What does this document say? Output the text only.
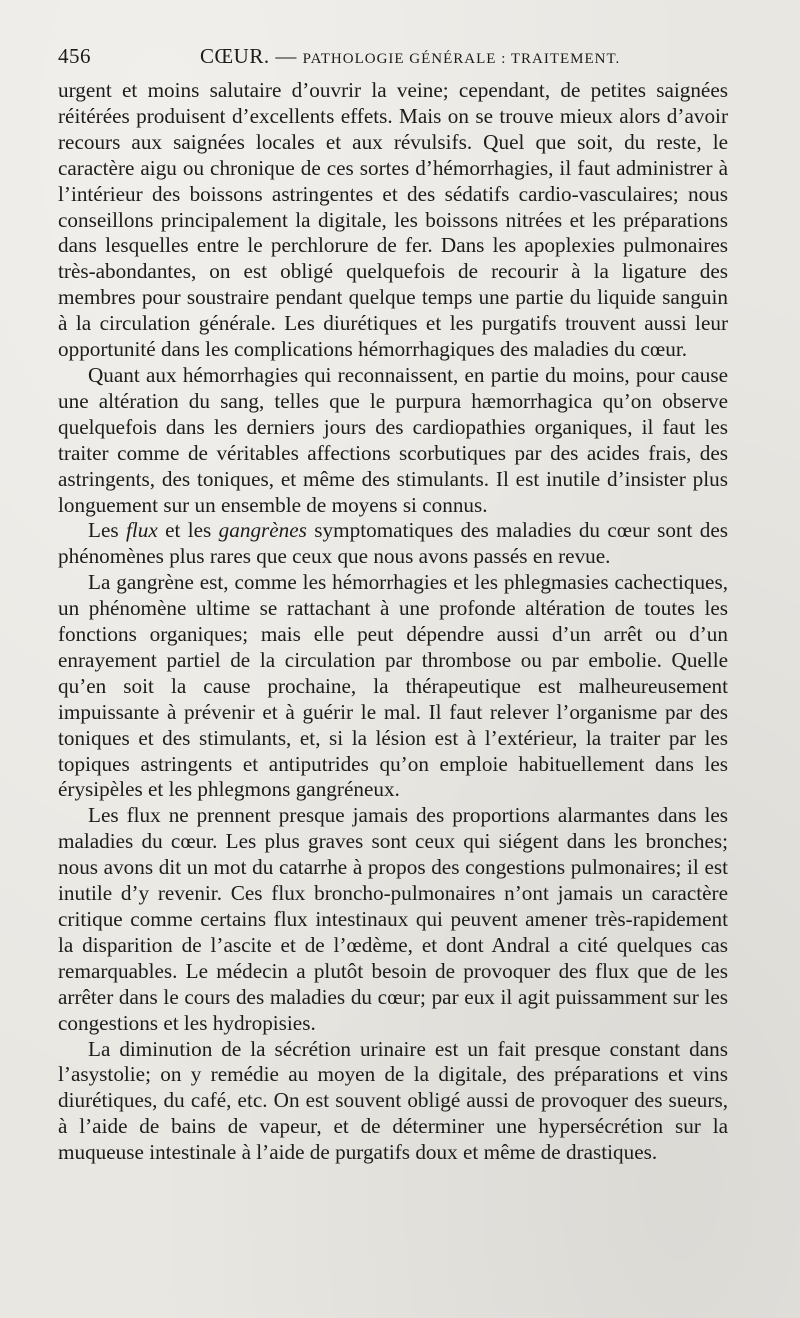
456	CŒUR. — PATHOLOGIE GÉNÉRALE : TRAITEMENT.

urgent et moins salutaire d’ouvrir la veine; cependant, de petites saignées réitérées produisent d’excellents effets. Mais on se trouve mieux alors d’avoir recours aux saignées locales et aux révulsifs. Quel que soit, du reste, le caractère aigu ou chronique de ces sortes d’hémorrhagies, il faut administrer à l’intérieur des boissons astringentes et des sédatifs cardio-vasculaires; nous conseillons principalement la digitale, les boissons nitrées et les préparations dans lesquelles entre le perchlorure de fer. Dans les apoplexies pulmonaires très-abondantes, on est obligé quelquefois de recourir à la ligature des membres pour soustraire pendant quelque temps une partie du liquide sanguin à la circulation générale. Les diurétiques et les purgatifs trouvent aussi leur opportunité dans les complications hémorrhagiques des maladies du cœur.

Quant aux hémorrhagies qui reconnaissent, en partie du moins, pour cause une altération du sang, telles que le purpura hæmorrhagica qu’on observe quelquefois dans les derniers jours des cardiopathies organiques, il faut les traiter comme de véritables affections scorbutiques par des acides frais, des astringents, des toniques, et même des stimulants. Il est inutile d’insister plus longuement sur un ensemble de moyens si connus.

Les flux et les gangrènes symptomatiques des maladies du cœur sont des phénomènes plus rares que ceux que nous avons passés en revue.

La gangrène est, comme les hémorrhagies et les phlegmasies cachectiques, un phénomène ultime se rattachant à une profonde altération de toutes les fonctions organiques; mais elle peut dépendre aussi d’un arrêt ou d’un enrayement partiel de la circulation par thrombose ou par embolie. Quelle qu’en soit la cause prochaine, la thérapeutique est malheureusement impuissante à prévenir et à guérir le mal. Il faut relever l’organisme par des toniques et des stimulants, et, si la lésion est à l’extérieur, la traiter par les topiques astringents et antiputrides qu’on emploie habituellement dans les érysipèles et les phlegmons gangréneux.

Les flux ne prennent presque jamais des proportions alarmantes dans les maladies du cœur. Les plus graves sont ceux qui siégent dans les bronches; nous avons dit un mot du catarrhe à propos des congestions pulmonaires; il est inutile d’y revenir. Ces flux broncho-pulmonaires n’ont jamais un caractère critique comme certains flux intestinaux qui peuvent amener très-rapidement la disparition de l’ascite et de l’œdème, et dont Andral a cité quelques cas remarquables. Le médecin a plutôt besoin de provoquer des flux que de les arrêter dans le cours des maladies du cœur; par eux il agit puissamment sur les congestions et les hydropisies.

La diminution de la sécrétion urinaire est un fait presque constant dans l’asystolie; on y remédie au moyen de la digitale, des préparations et vins diurétiques, du café, etc. On est souvent obligé aussi de provoquer des sueurs, à l’aide de bains de vapeur, et de déterminer une hypersécrétion sur la muqueuse intestinale à l’aide de purgatifs doux et même de drastiques.
